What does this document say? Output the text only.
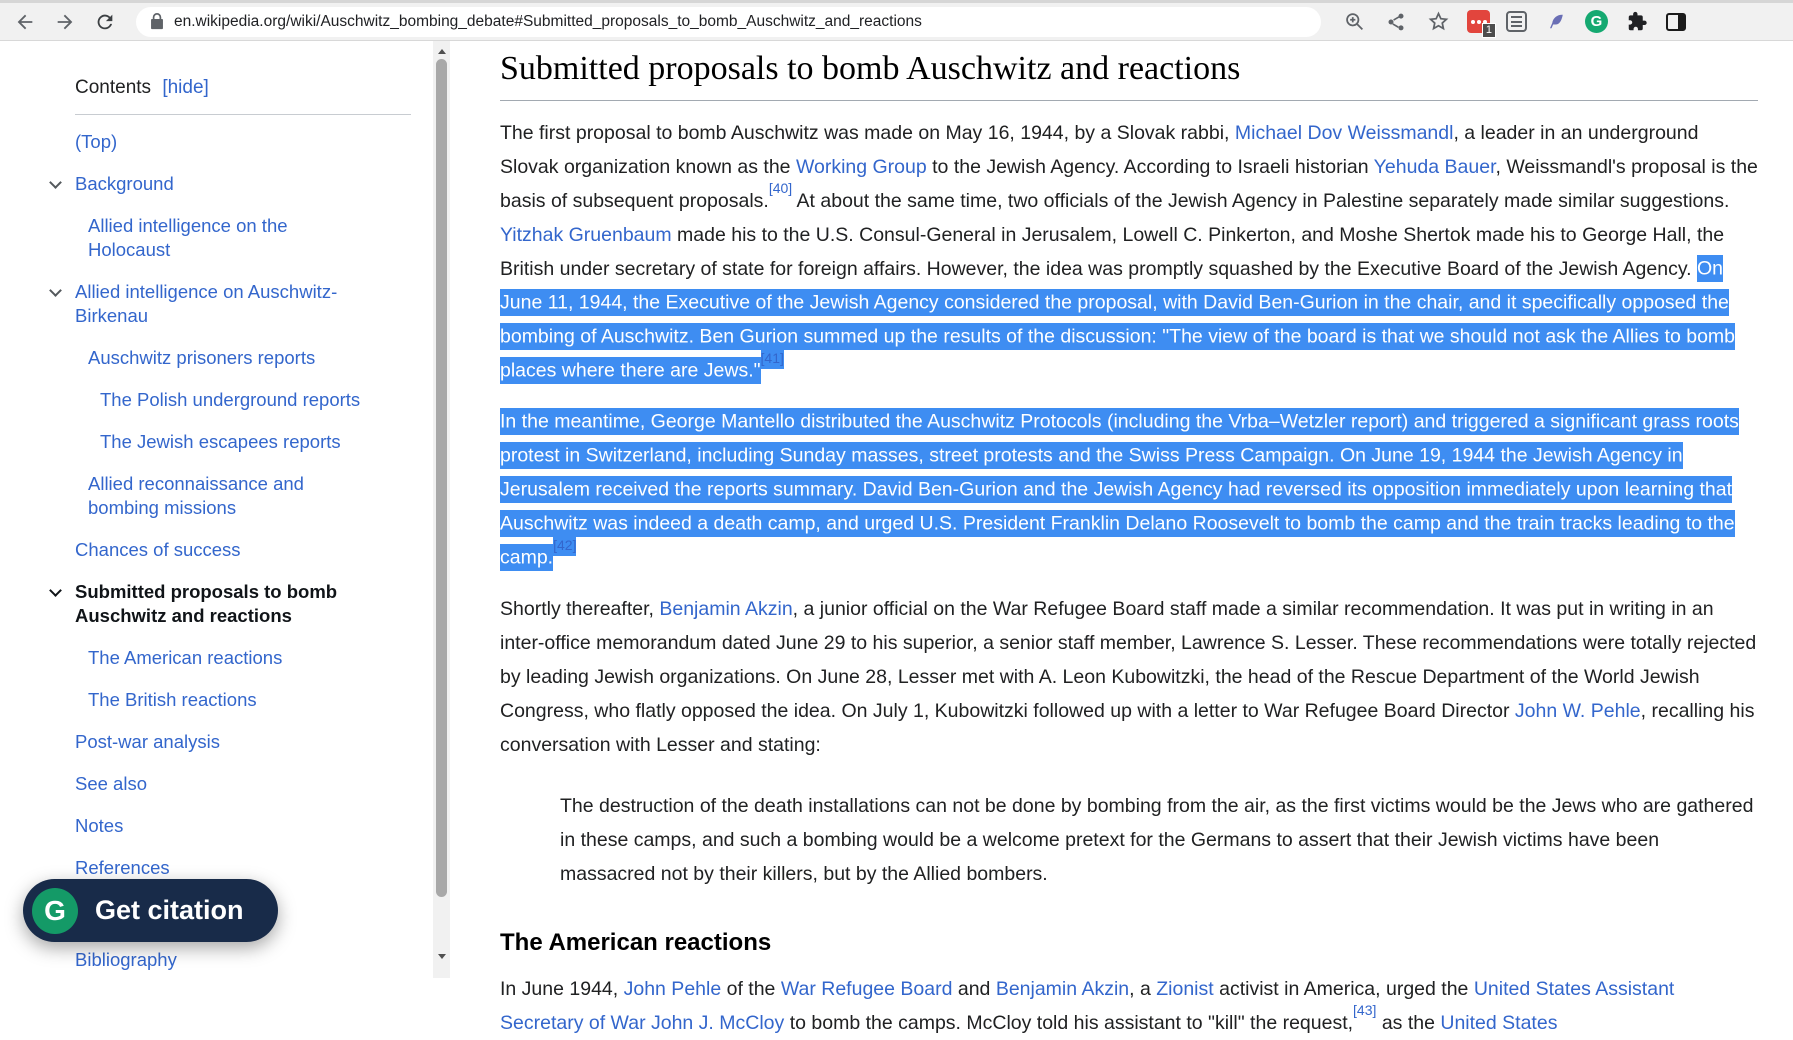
en.wikipedia.org/wiki/Auschwitz_bombing_debate#Submitted_proposals_to_bomb_Auschwitz_and_reactions
1	G
Contents [hide]
(Top)
Background
Allied intelligence on the Holocaust
Allied intelligence on Auschwitz-Birkenau
Auschwitz prisoners reports
The Polish underground reports
The Jewish escapees reports
Allied reconnaissance and bombing missions
Chances of success
Submitted proposals to bomb Auschwitz and reactions
The American reactions
The British reactions
Post-war analysis
See also
Notes
References
Bibliography
Submitted proposals to bomb Auschwitz and reactions

The first proposal to bomb Auschwitz was made on May 16, 1944, by a Slovak rabbi, Michael Dov Weissmandl, a leader in an underground Slovak organization known as the Working Group to the Jewish Agency. According to Israeli historian Yehuda Bauer, Weissmandl's proposal is the basis of subsequent proposals.[40] At about the same time, two officials of the Jewish Agency in Palestine separately made similar suggestions. Yitzhak Gruenbaum made his to the U.S. Consul-General in Jerusalem, Lowell C. Pinkerton, and Moshe Shertok made his to George Hall, the British under secretary of state for foreign affairs. However, the idea was promptly squashed by the Executive Board of the Jewish Agency. On June 11, 1944, the Executive of the Jewish Agency considered the proposal, with David Ben-Gurion in the chair, and it specifically opposed the bombing of Auschwitz. Ben Gurion summed up the results of the discussion: "The view of the board is that we should not ask the Allies to bomb places where there are Jews."[41]

In the meantime, George Mantello distributed the Auschwitz Protocols (including the Vrba–Wetzler report) and triggered a significant grass roots protest in Switzerland, including Sunday masses, street protests and the Swiss Press Campaign. On June 19, 1944 the Jewish Agency in Jerusalem received the reports summary. David Ben-Gurion and the Jewish Agency had reversed its opposition immediately upon learning that Auschwitz was indeed a death camp, and urged U.S. President Franklin Delano Roosevelt to bomb the camp and the train tracks leading to the camp.[42]

Shortly thereafter, Benjamin Akzin, a junior official on the War Refugee Board staff made a similar recommendation. It was put in writing in an inter-office memorandum dated June 29 to his superior, a senior staff member, Lawrence S. Lesser. These recommendations were totally rejected by leading Jewish organizations. On June 28, Lesser met with A. Leon Kubowitzki, the head of the Rescue Department of the World Jewish Congress, who flatly opposed the idea. On July 1, Kubowitzki followed up with a letter to War Refugee Board Director John W. Pehle, recalling his conversation with Lesser and stating:

The destruction of the death installations can not be done by bombing from the air, as the first victims would be the Jews who are gathered in these camps, and such a bombing would be a welcome pretext for the Germans to assert that their Jewish victims have been massacred not by their killers, but by the Allied bombers.

The American reactions

In June 1944, John Pehle of the War Refugee Board and Benjamin Akzin, a Zionist activist in America, urged the United States Assistant Secretary of War John J. McCloy to bomb the camps. McCloy told his assistant to "kill" the request,[43] as the United States

G	Get citation
